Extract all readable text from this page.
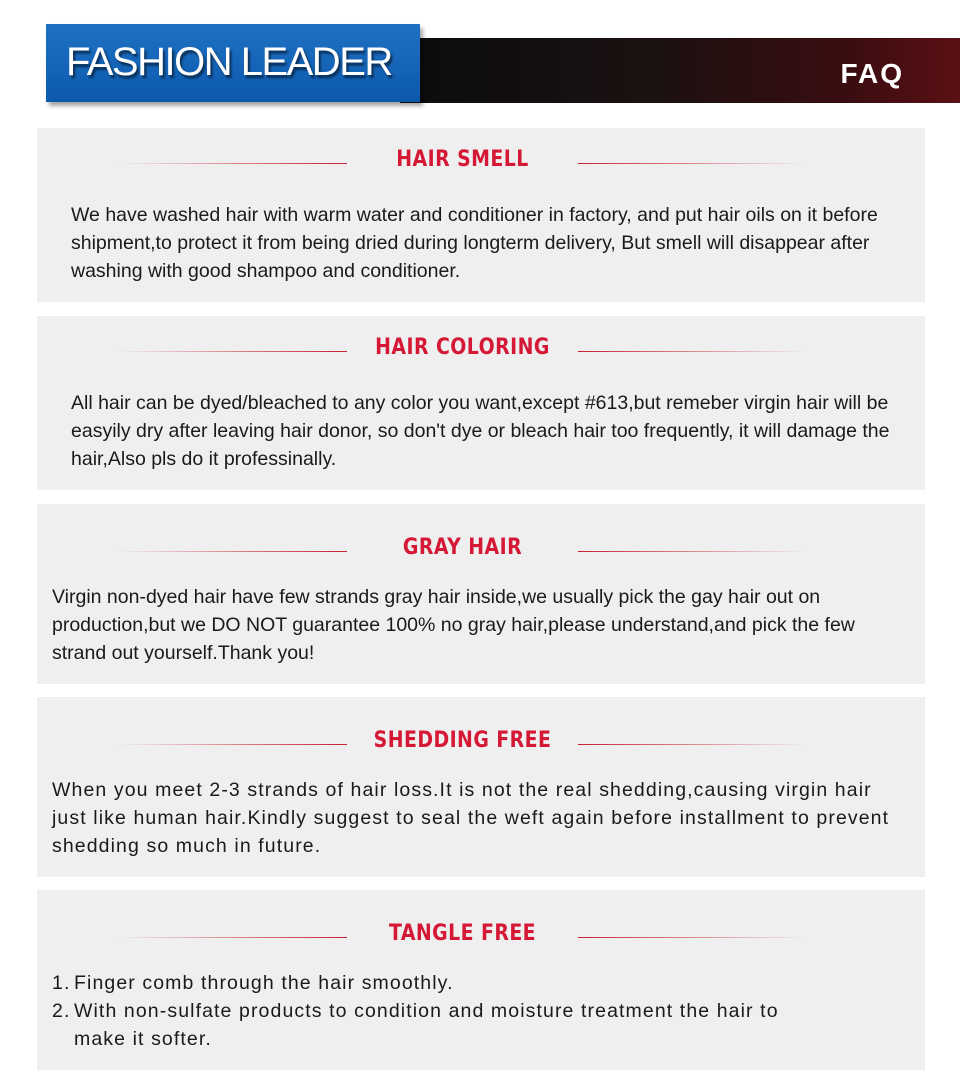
FASHION LEADER	FAQ
HAIR SMELL

We have washed hair with warm water and conditioner in factory, and put hair oils on it before shipment,to protect it from being dried during longterm delivery, But smell will disappear after washing with good shampoo and conditioner.

HAIR COLORING

All hair can be dyed/bleached to any color you want,except #613,but remeber virgin hair will be easyily dry after leaving hair donor, so don't dye or bleach hair too frequently, it will damage the hair,Also pls do it professinally.

GRAY HAIR

Virgin non-dyed hair have few strands gray hair inside,we usually pick the gay hair out on production,but we DO NOT guarantee 100% no gray hair,please understand,and pick the few strand out yourself.Thank you!

SHEDDING FREE

When you meet 2-3 strands of hair loss.It is not the real shedding,causing virgin hair just like human hair.Kindly suggest to seal the weft again before installment to prevent shedding so much in future.

TANGLE FREE
1. Finger comb through the hair smoothly.
2. With non-sulfate products to condition and moisture treatment the hair to
make it softer.
